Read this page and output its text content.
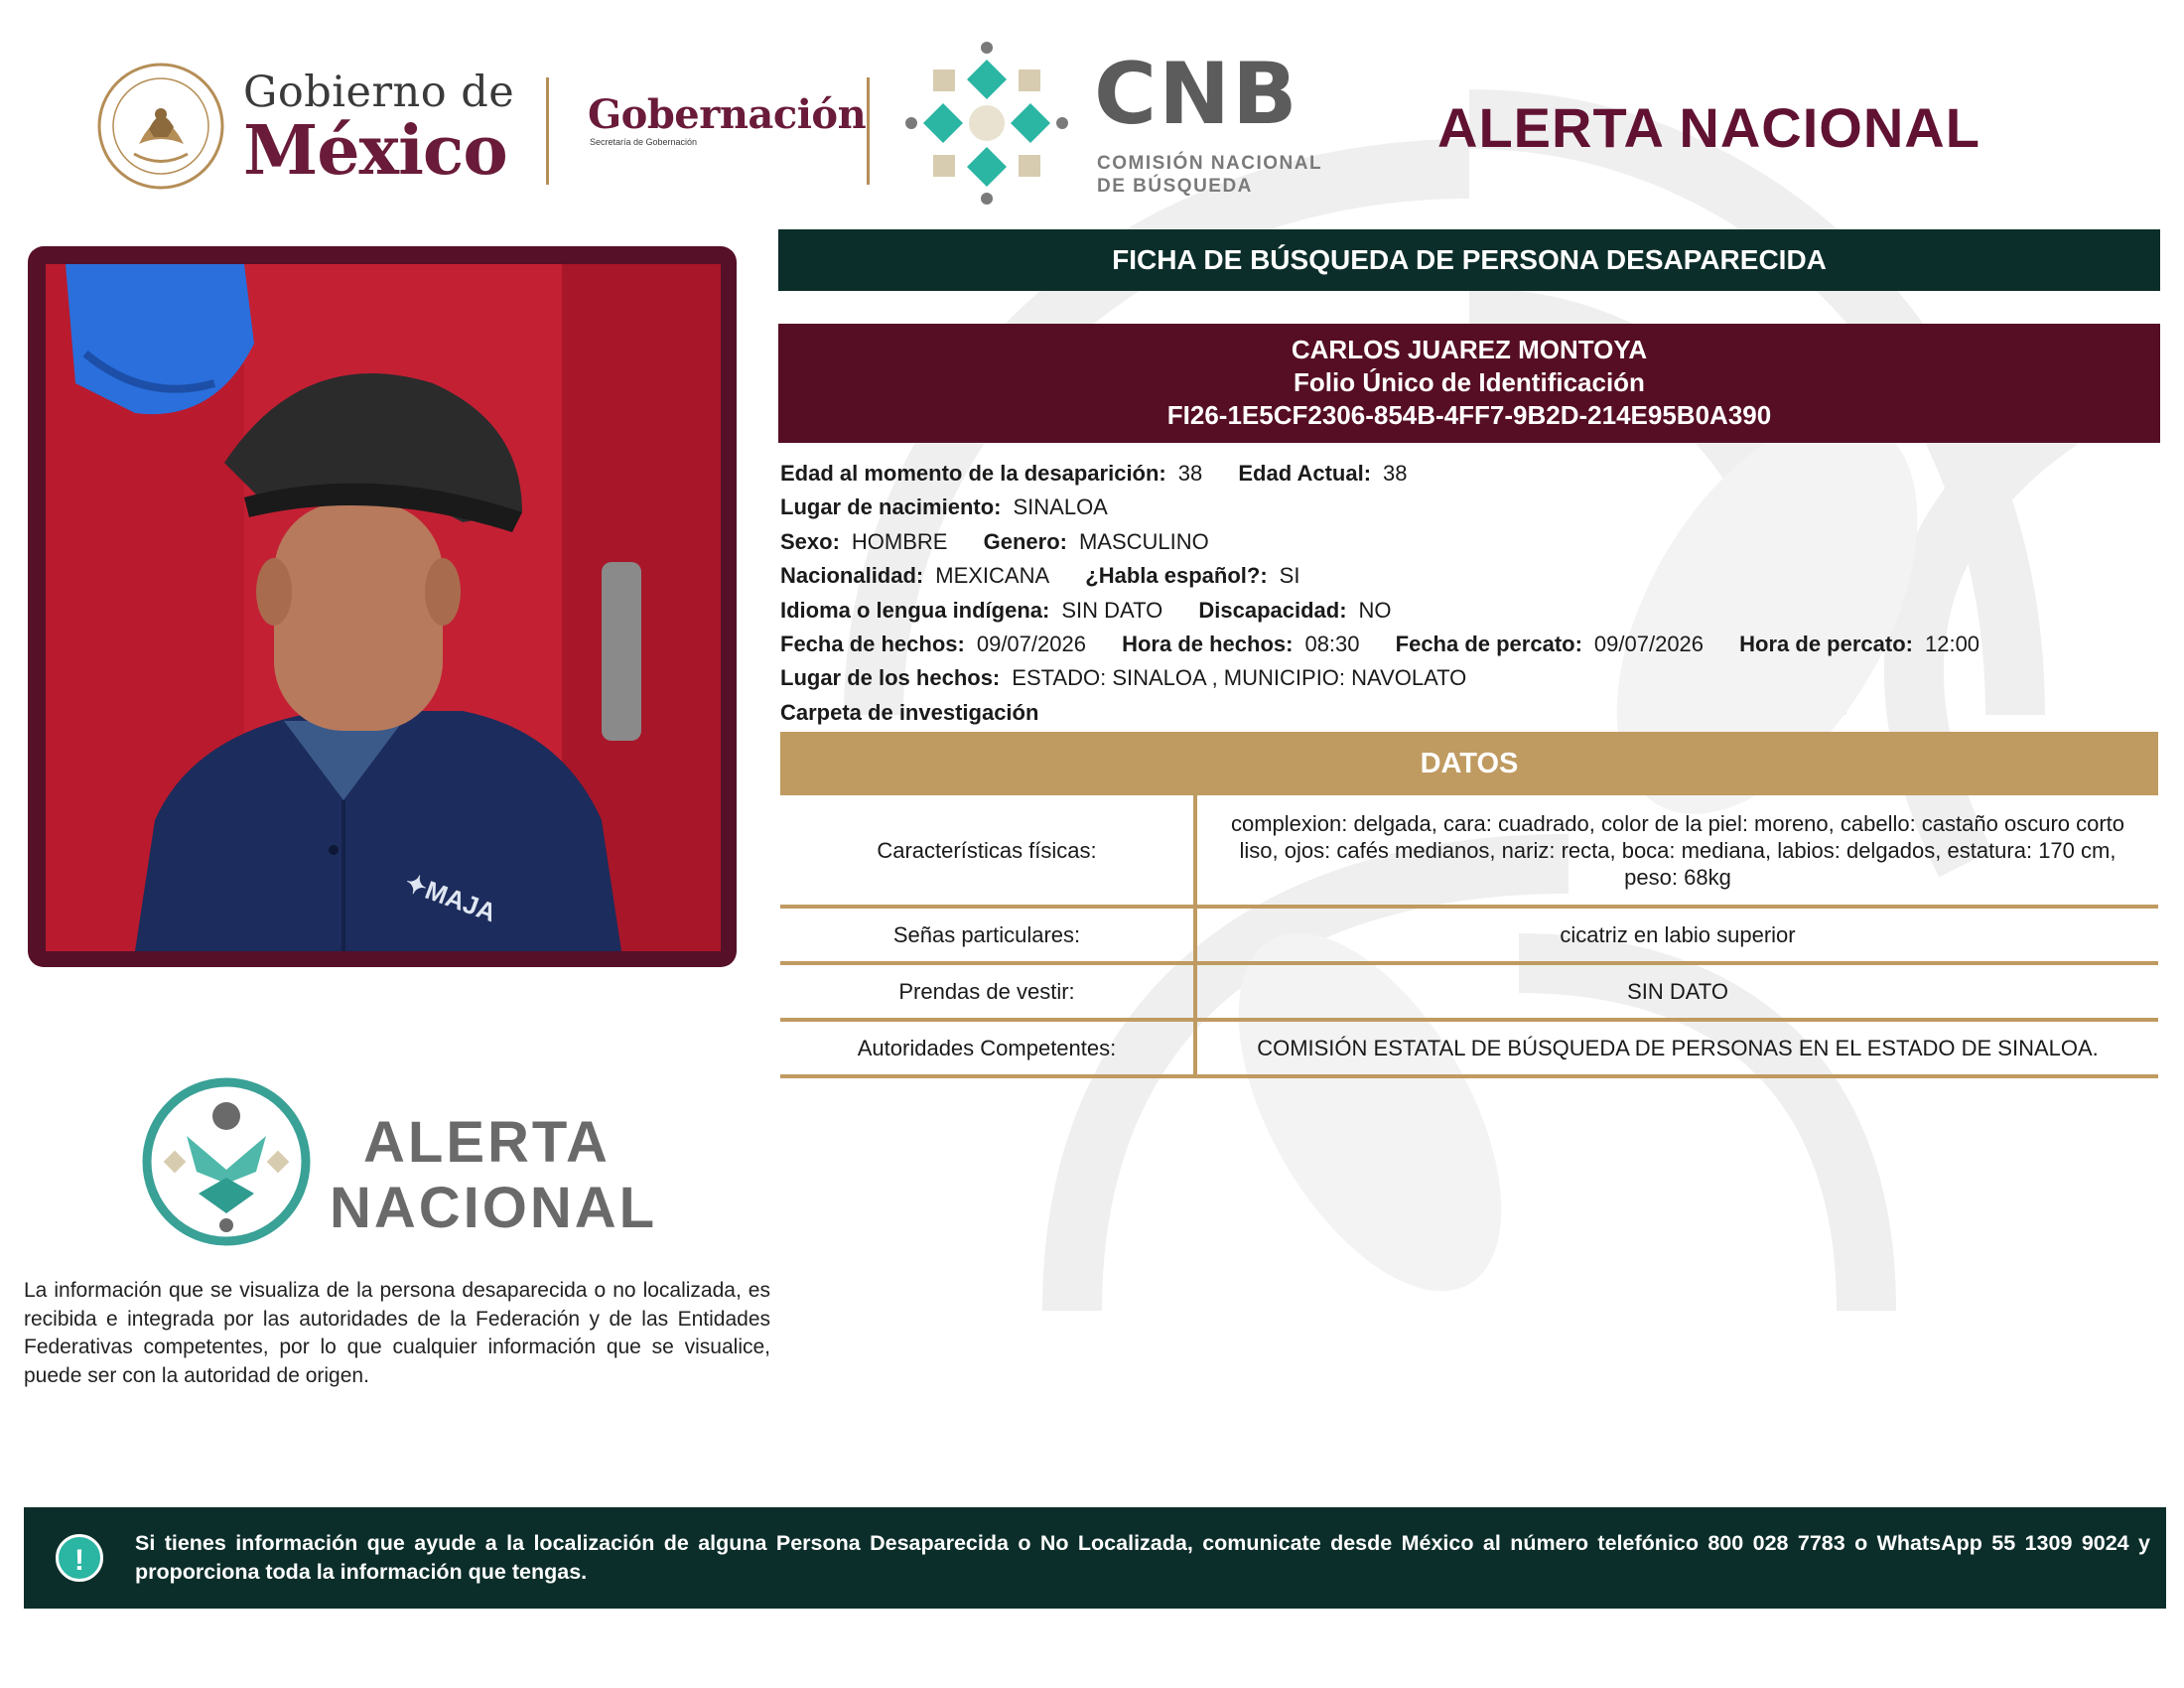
Gobierno de
México Gobernación
Secretaría de Gobernación	CNB
COMISIÓN NACIONAL
DE BÚSQUEDA
ALERTA NACIONAL
✦MAJA
FICHA DE BÚSQUEDA DE PERSONA DESAPARECIDA
CARLOS JUAREZ MONTOYA
Folio Único de Identificación
FI26-1E5CF2306-854B-4FF7-9B2D-214E95B0A390
Edad al momento de la desaparición: 38 Edad Actual: 38
Lugar de nacimiento: SINALOA
Sexo: HOMBRE Genero: MASCULINO
Nacionalidad: MEXICANA ¿Habla español?: SI
Idioma o lengua indígena: SIN DATO Discapacidad: NO
Fecha de hechos: 09/07/2026 Hora de hechos: 08:30 Fecha de percato: 09/07/2026 Hora de percato: 12:00
Lugar de los hechos: ESTADO: SINALOA , MUNICIPIO: NAVOLATO
Carpeta de investigación
DATOS
Características físicas:	complexion: delgada, cara: cuadrado, color de la piel: moreno, cabello: castaño oscuro corto liso, ojos: cafés medianos, nariz: recta, boca: mediana, labios: delgados, estatura: 170 cm, peso: 68kg
Señas particulares:	cicatriz en labio superior
Prendas de vestir:	SIN DATO
Autoridades Competentes:	COMISIÓN ESTATAL DE BÚSQUEDA DE PERSONAS EN EL ESTADO DE SINALOA.
ALERTA
NACIONAL
La información que se visualiza de la persona desaparecida o no localizada, es recibida e integrada por las autoridades de la Federación y de las Entidades Federativas competentes, por lo que cualquier información que se visualice, puede ser con la autoridad de origen.
!
Si tienes información que ayude a la localización de alguna Persona Desaparecida o No Localizada, comunicate desde México al número telefónico 800 028 7783 o WhatsApp 55 1309 9024 y proporciona toda la información que tengas.
